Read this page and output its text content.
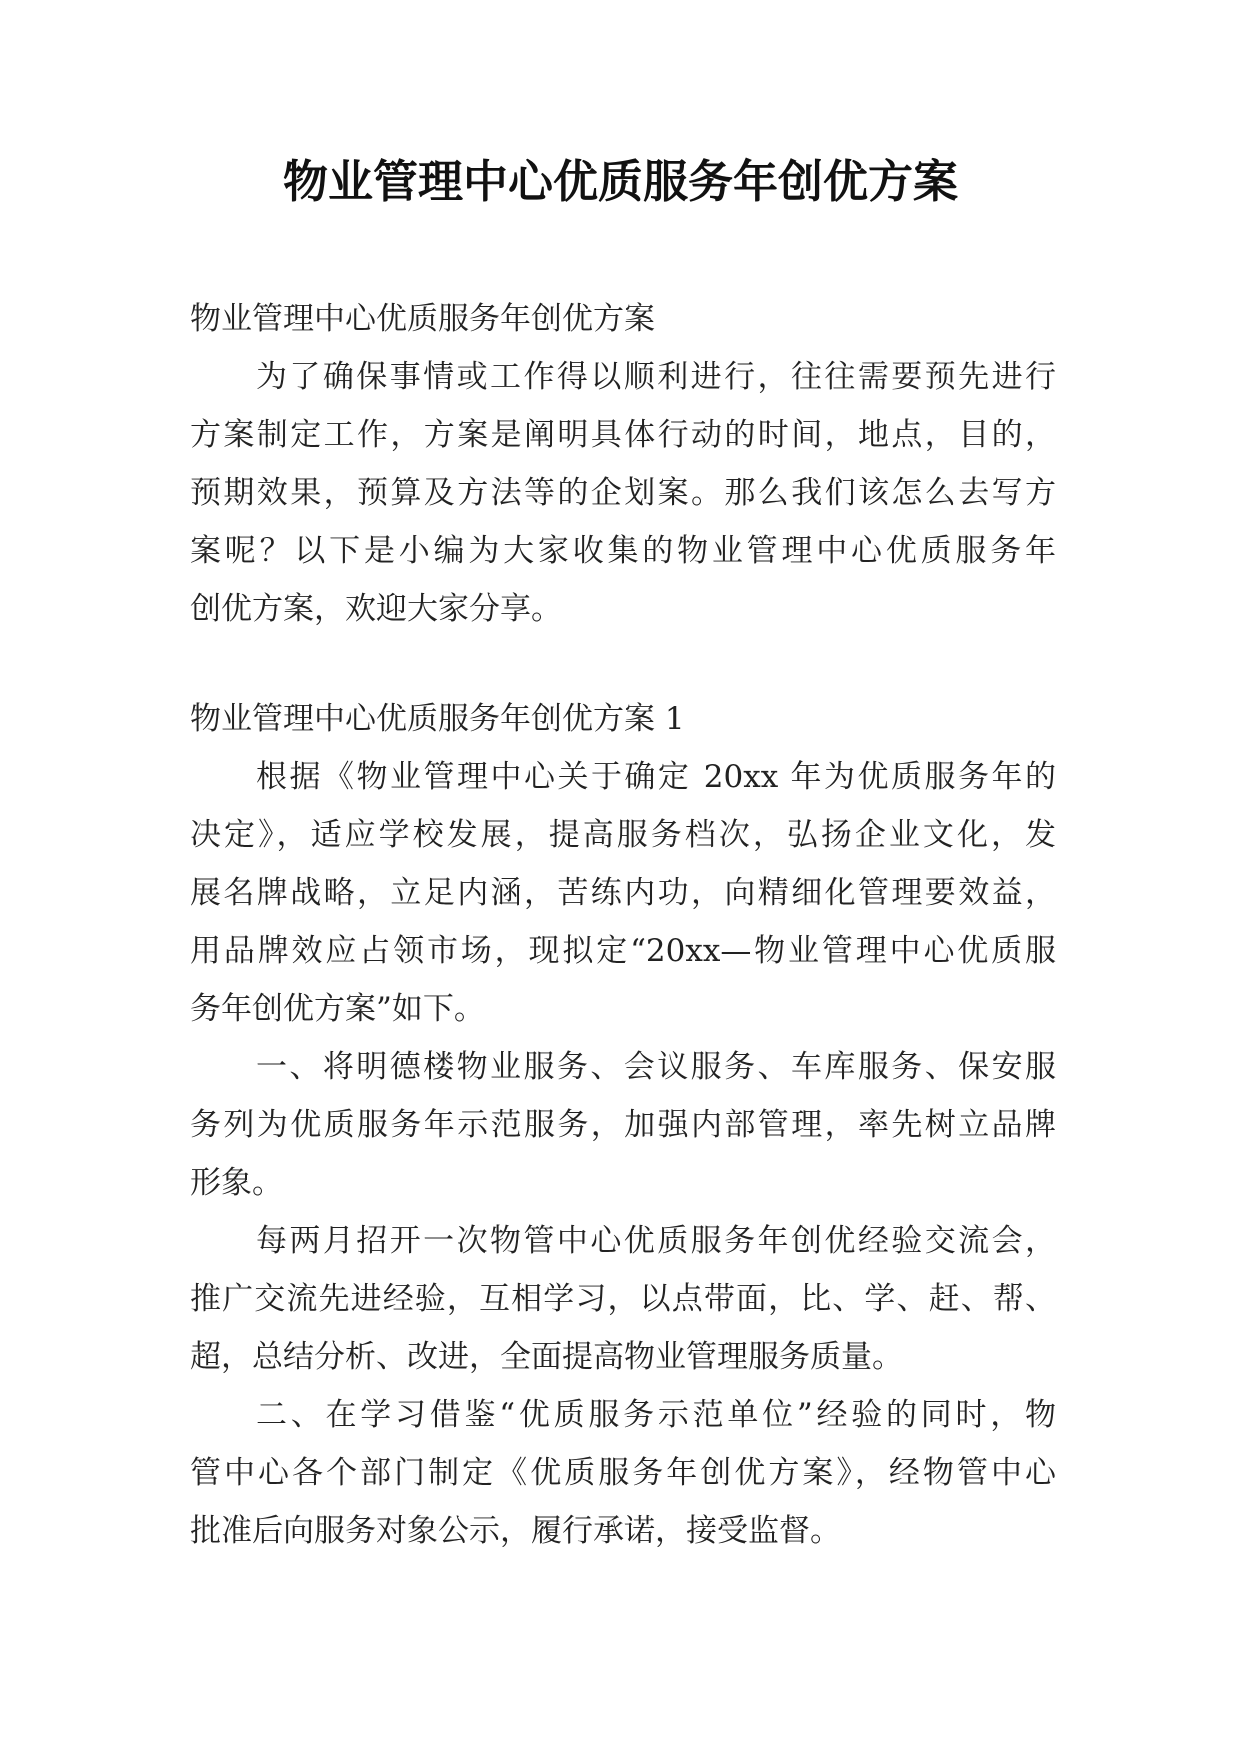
物业管理中心优质服务年创优方案

物业管理中心优质服务年创优方案

为了确保事情或工作得以顺利进行，往往需要预先进行

方案制定工作，方案是阐明具体行动的时间，地点，目的，

预期效果，预算及方法等的企划案。那么我们该怎么去写方

案呢？以下是小编为大家收集的物业管理中心优质服务年

创优方案，欢迎大家分享。

物业管理中心优质服务年创优方案 1

根据《物业管理中心关于确定 20xx 年为优质服务年的

决定》，适应学校发展，提高服务档次，弘扬企业文化，发

展名牌战略，立足内涵，苦练内功，向精细化管理要效益，

用品牌效应占领市场，现拟定“20xx—物业管理中心优质服

务年创优方案”如下。

一、将明德楼物业服务、会议服务、车库服务、保安服

务列为优质服务年示范服务，加强内部管理，率先树立品牌

形象。

每两月招开一次物管中心优质服务年创优经验交流会，

推广交流先进经验，互相学习，以点带面，比、学、赶、帮、

超，总结分析、改进，全面提高物业管理服务质量。

二、在学习借鉴“优质服务示范单位”经验的同时，物

管中心各个部门制定《优质服务年创优方案》，经物管中心

批准后向服务对象公示，履行承诺，接受监督。
